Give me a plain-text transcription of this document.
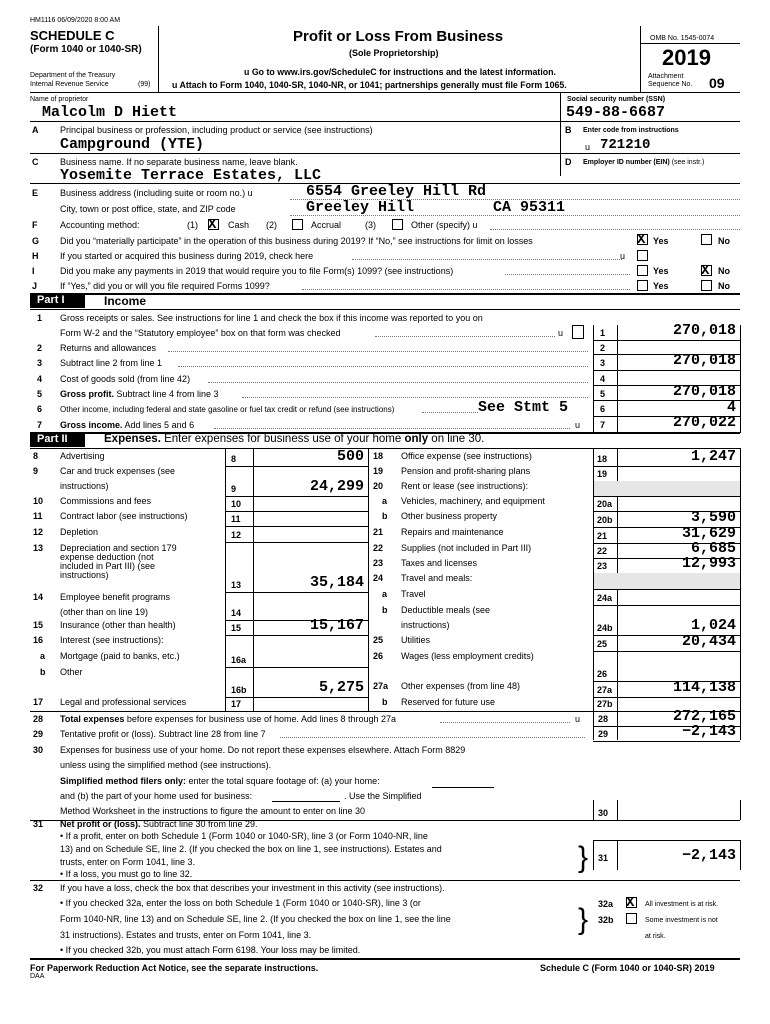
HM1116 06/09/2020 8:00 AM
SCHEDULE C
(Form 1040 or 1040-SR)
Department of the Treasury
Internal Revenue Service	(99)
Profit or Loss From Business
(Sole Proprietorship)
u Go to www.irs.gov/ScheduleC for instructions and the latest information.
u Attach to Form 1040, 1040-SR, 1040-NR, or 1041; partnerships generally must file Form 1065.
OMB No. 1545-0074
2019
Attachment
Sequence No. 09
Name of proprietor
Malcolm D Hiett
Social security number (SSN)
549-88-6687
A Principal business or profession, including product or service (see instructions)
Campground (YTE)
B Enter code from instructions
u 721210
C Business name. If no separate business name, leave blank.
Yosemite Terrace Estates, LLC
D Employer ID number (EIN) (see instr.)
E Business address (including suite or room no.) u	6554 Greeley Hill Rd
City, town or post office, state, and ZIP code	Greeley Hill	CA 95311
F	Accounting method:	(1) X Cash (2)	Accrual	(3)	Other (specify) u
G Did you “materially participate” in the operation of this business during 2019? If “No,” see instructions for limit on losses	X Yes	No
H If you started or acquired this business during 2019, check here	u
I	Did you make any payments in 2019 that would require you to file Form(s) 1099? (see instructions)	Yes X No
J	If “Yes,” did you or will you file required Forms 1099?	Yes	No
Part I	Income
1 Gross receipts or sales. See instructions for line 1 and check the box if this income was reported to you on
Form W-2 and the “Statutory employee” box on that form was checked	u	1	270,018
2 Returns and allowances	2
3 Subtract line 2 from line 1	3	270,018
4 Cost of goods sold (from line 42)	4
5 Gross profit. Subtract line 4 from line 3	5	270,018
6 Other income, including federal and state gasoline or fuel tax credit or refund (see instructions)	See Stmt 5	6	4
7 Gross income. Add lines 5 and 6	u 7	270,022
Part II	Expenses. Enter expenses for business use of your home only on line 30.
28 Total expenses before expenses for business use of home. Add lines 8 through 27a	u 28	272,165
29 Tentative profit or (loss). Subtract line 28 from line 7	29	−2,143
30 Expenses for business use of your home. Do not report these expenses elsewhere. Attach Form 8829
unless using the simplified method (see instructions).
Simplified method filers only: enter the total square footage of: (a) your home:
and (b) the part of your home used for business:	. Use the Simplified
Method Worksheet in the instructions to figure the amount to enter on line 30	30
31 Net profit or (loss). Subtract line 30 from line 29.
• If a profit, enter on both Schedule 1 (Form 1040 or 1040-SR), line 3 (or Form 1040-NR, line
13) and on Schedule SE, line 2. (If you checked the box on line 1, see instructions). Estates and
trusts, enter on Form 1041, line 3.
• If a loss, you must go to line 32.	} 31	−2,143
32 If you have a loss, check the box that describes your investment in this activity (see instructions).
• If you checked 32a, enter the loss on both Schedule 1 (Form 1040 or 1040-SR), line 3 (or
Form 1040-NR, line 13) and on Schedule SE, line 2. (If you checked the box on line 1, see the line
31 instructions). Estates and trusts, enter on Form 1041, line 3.
• If you checked 32b, you must attach Form 6198. Your loss may be limited.
} 32a X All investment is at risk.
32b	Some investment is not
at risk.
For Paperwork Reduction Act Notice, see the separate instructions.
DAA
Schedule C (Form 1040 or 1040-SR) 2019
8 Advertising	8	500
9 Car and truck expenses (see
instructions)	9	24,299
10 Commissions and fees	10
11 Contract labor (see instructions)	11
12 Depletion	12
13 Depreciation and section 179
expense deduction (not
included in Part III) (see
instructions)
13	35,184
14 Employee benefit programs
(other than on line 19)	14
15 Insurance (other than health)	15	15,167
16 Interest (see instructions):
a Mortgage (paid to banks, etc.)	16a
b Other
16b	5,275
17 Legal and professional services	17
18 Office expense (see instructions)	18	1,247
19 Pension and profit-sharing plans	19
20 Rent or lease (see instructions):
a Vehicles, machinery, and equipment	20a
b Other business property	20b	3,590
21 Repairs and maintenance	21	31,629
22 Supplies (not included in Part III)	22	6,685
23 Taxes and licenses	23	12,993
24 Travel and meals:
a Travel	24a
b Deductible meals (see
instructions)	24b	1,024
25 Utilities	25	20,434
26 Wages (less employment credits)
26
27a Other expenses (from line 48)	27a	114,138
b Reserved for future use	27b
